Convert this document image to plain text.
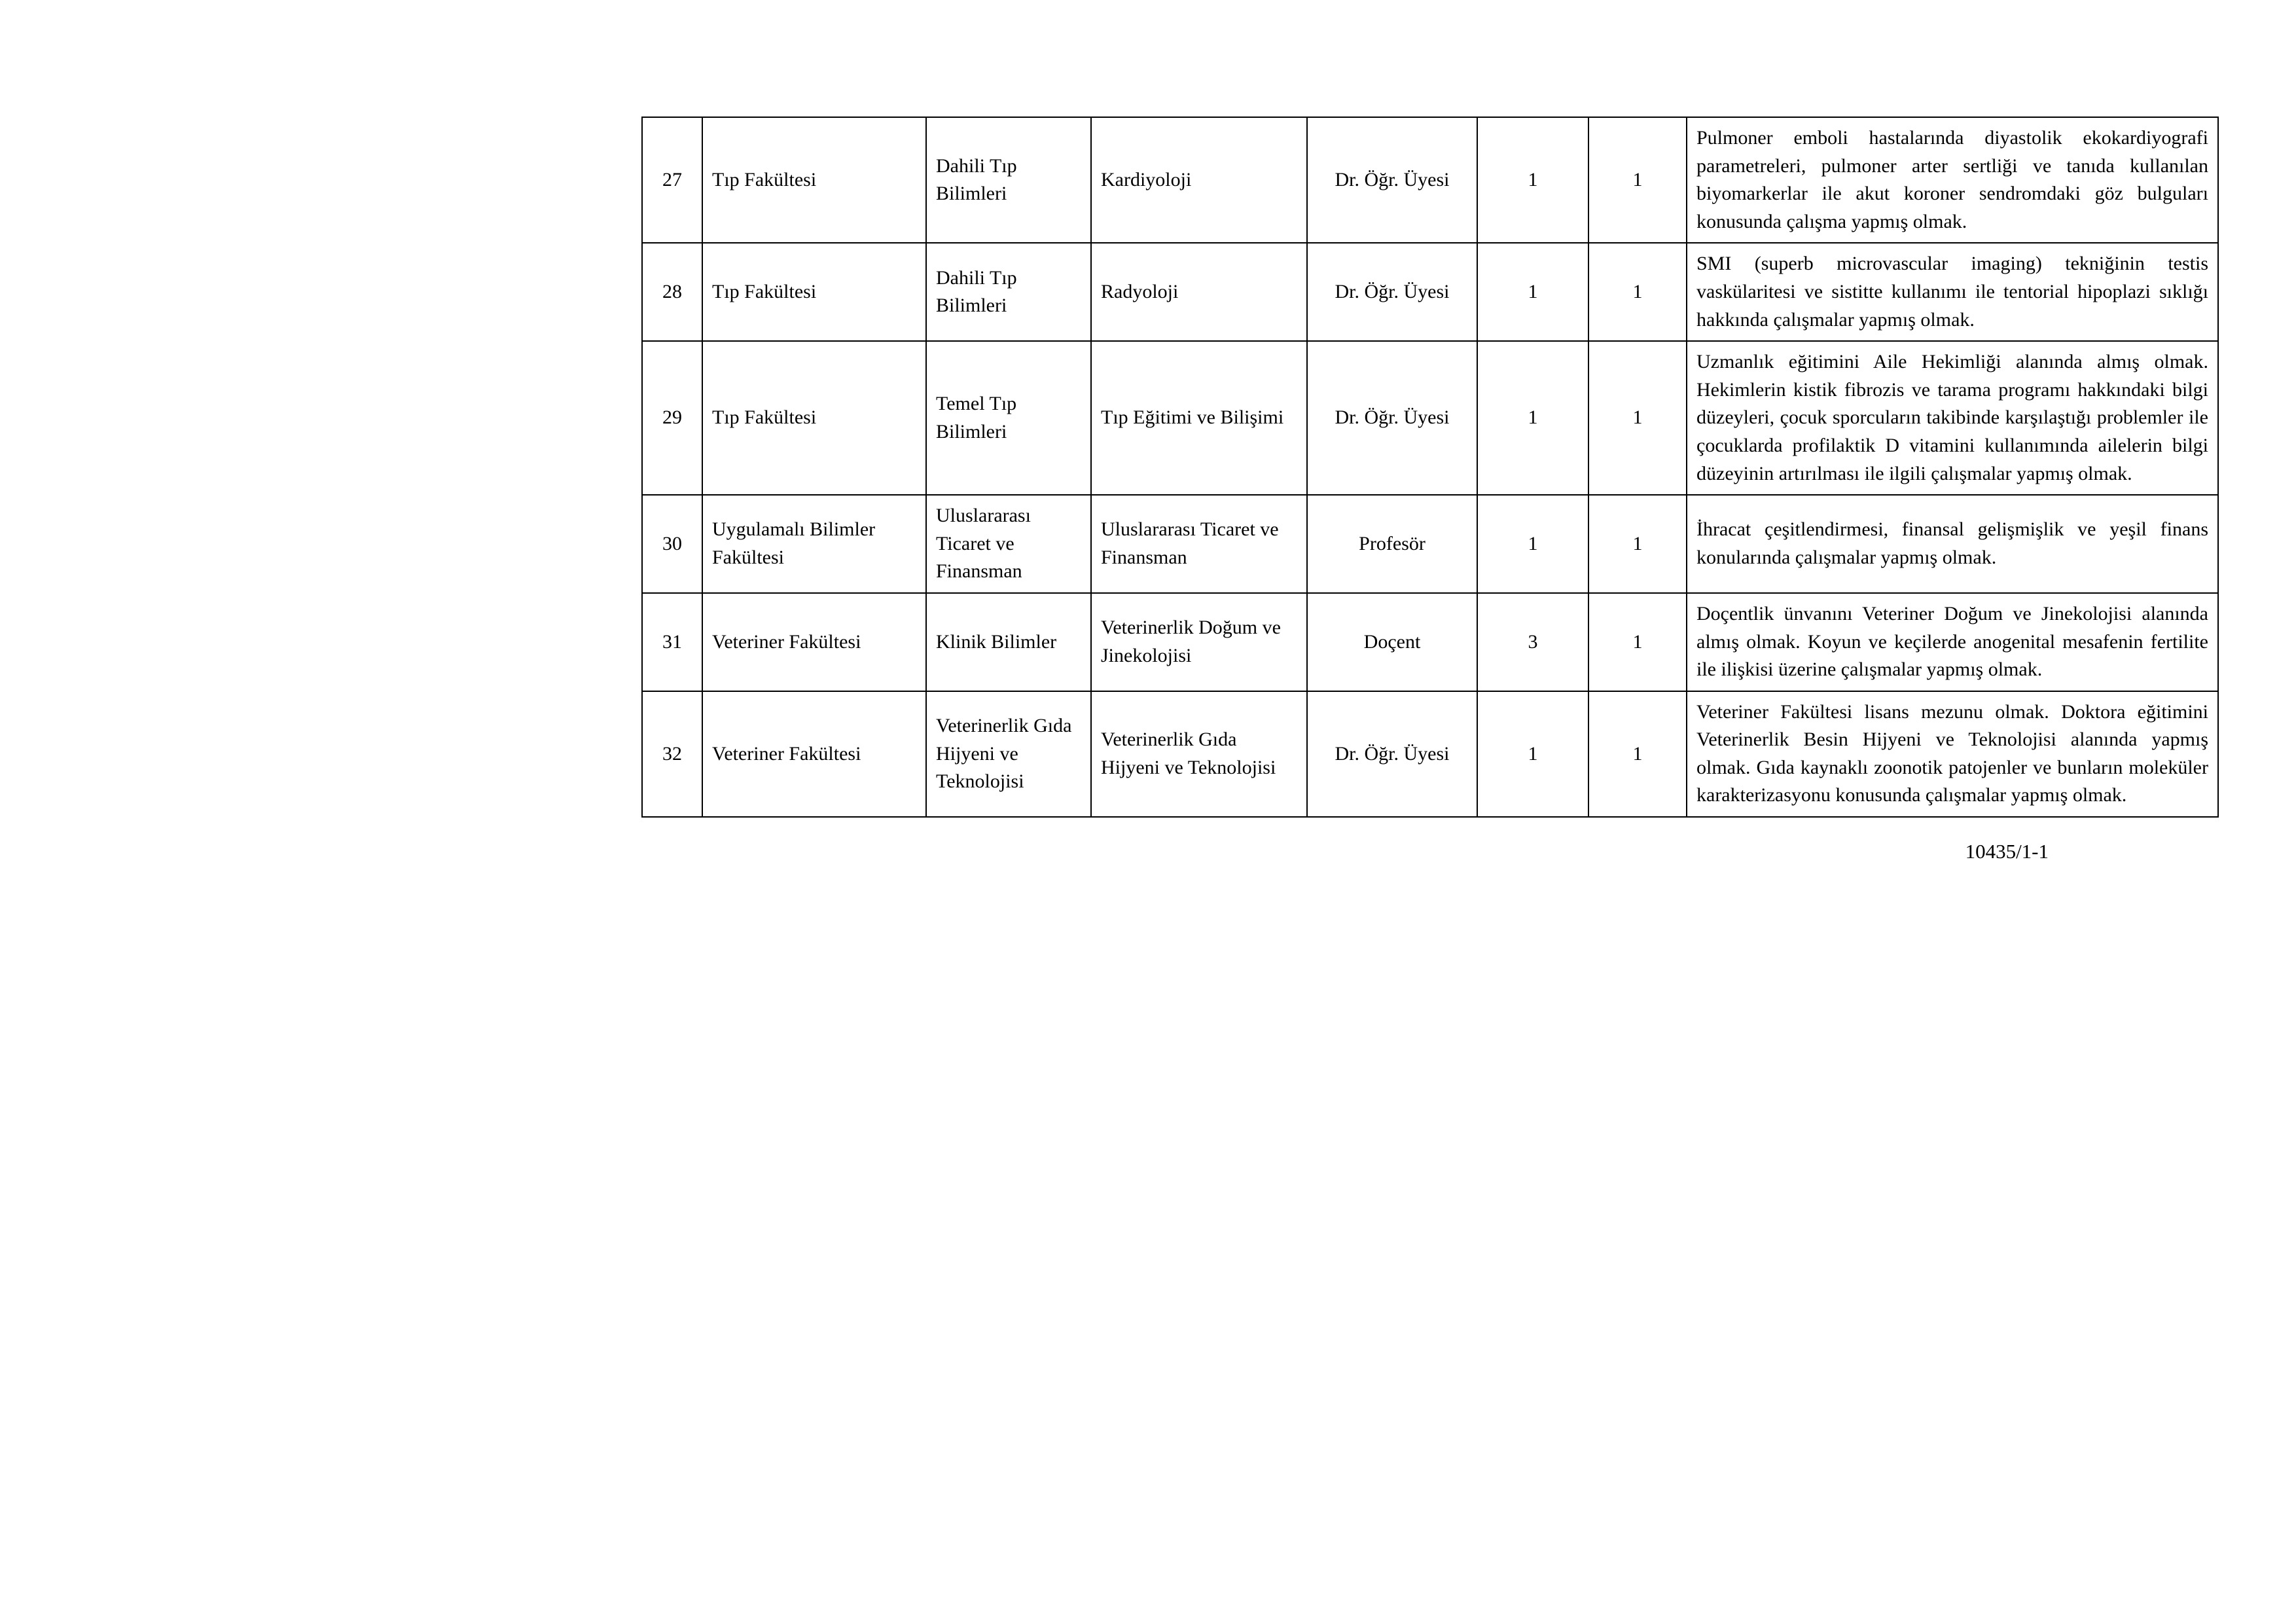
27	Tıp Fakültesi	Dahili Tıp Bilimleri	Kardiyoloji	Dr. Öğr. Üyesi	1	1	Pulmoner emboli hastalarında diyastolik ekokardiyografi parametreleri, pulmoner arter sertliği ve tanıda kullanılan biyomarkerlar ile akut koroner sendromdaki göz bulguları konusunda çalışma yapmış olmak.
28	Tıp Fakültesi	Dahili Tıp Bilimleri	Radyoloji	Dr. Öğr. Üyesi	1	1	SMI (superb microvascular imaging) tekniğinin testis vaskülaritesi ve sistitte kullanımı ile tentorial hipoplazi sıklığı hakkında çalışmalar yapmış olmak.
29	Tıp Fakültesi	Temel Tıp Bilimleri	Tıp Eğitimi ve Bilişimi	Dr. Öğr. Üyesi	1	1	Uzmanlık eğitimini Aile Hekimliği alanında almış olmak. Hekimlerin kistik fibrozis ve tarama programı hakkındaki bilgi düzeyleri, çocuk sporcuların takibinde karşılaştığı problemler ile çocuklarda profilaktik D vitamini kullanımında ailelerin bilgi düzeyinin artırılması ile ilgili çalışmalar yapmış olmak.
30	Uygulamalı Bilimler Fakültesi	Uluslararası Ticaret ve Finansman	Uluslararası Ticaret ve Finansman	Profesör	1	1	İhracat çeşitlendirmesi, finansal gelişmişlik ve yeşil finans konularında çalışmalar yapmış olmak.
31	Veteriner Fakültesi	Klinik Bilimler	Veterinerlik Doğum ve Jinekolojisi	Doçent	3	1	Doçentlik ünvanını Veteriner Doğum ve Jinekolojisi alanında almış olmak. Koyun ve keçilerde anogenital mesafenin fertilite ile ilişkisi üzerine çalışmalar yapmış olmak.
32	Veteriner Fakültesi	Veterinerlik Gıda Hijyeni ve Teknolojisi	Veterinerlik Gıda Hijyeni ve Teknolojisi	Dr. Öğr. Üyesi	1	1	Veteriner Fakültesi lisans mezunu olmak. Doktora eğitimini Veterinerlik Besin Hijyeni ve Teknolojisi alanında yapmış olmak. Gıda kaynaklı zoonotik patojenler ve bunların moleküler karakterizasyonu konusunda çalışmalar yapmış olmak.
10435/1-1
